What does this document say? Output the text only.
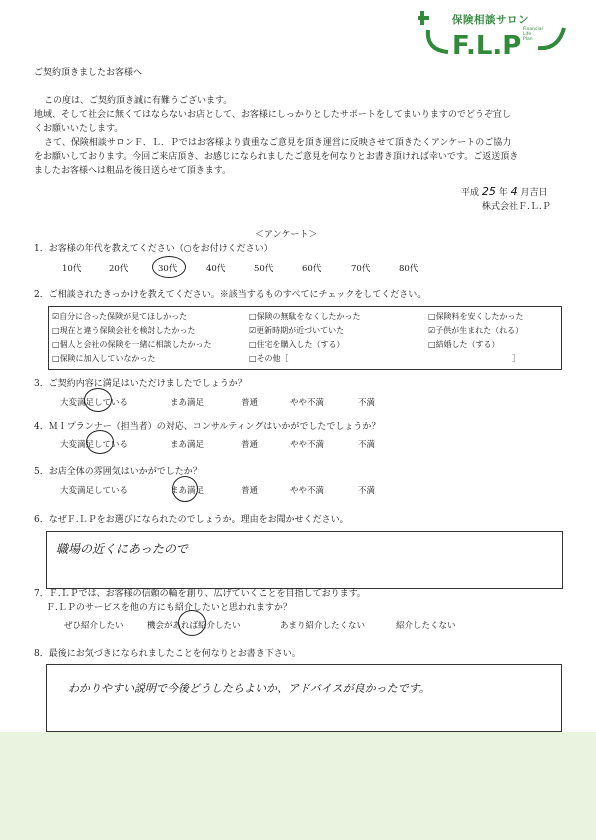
F.L.P
保険相談サロン
Financial
Life
Plan
ご契約頂きましたお客様へ
この度は、ご契約頂き誠に有難うございます。
地域、そして社会に無くてはならないお店として、お客様にしっかりとしたサポートをしてまいりますのでどうぞ宜し
くお願いいたします。
さて、保険相談サロンＦ．Ｌ．Ｐではお客様より貴重なご意見を頂き運営に反映させて頂きたくアンケートのご協力
をお願いしております。今回ご来店頂き、お感じになられましたご意見を何なりとお書き頂ければ幸いです。ご返送頂き
ましたお客様へは粗品を後日送らせて頂きます。
平成 25 年 4 月吉日
株式会社Ｆ.Ｌ.Ｐ
＜アンケート＞
1．お客様の年代を教えてください（○をお付けください）
10代	20代	30代	40代	50代	60代	70代	80代
2．ご相談されたきっかけを教えてください。※該当するものすべてにチェックをしてください。
☑自分に合った保険が見てほしかった	□保険の無駄をなくしたかった	□保険料を安くしたかった
□現在と違う保険会社を検討したかった	☑更新時期が近づいていた	☑子供が生まれた（れる）
□個人と会社の保険を一緒に相談したかった	□住宅を購入した（する）	□結婚した（する）
□保険に加入していなかった	□その他［	］
3．ご契約内容に満足はいただけましたでしょうか？
大変満足している	まあ満足	普通	やや不満	不満
4．ＭＩプランナー（担当者）の対応、コンサルティングはいかがでしたでしょうか？
大変満足している	まあ満足	普通	やや不満	不満
5．お店全体の雰囲気はいかがでしたか？
大変満足している	まあ満足	普通	やや不満	不満
6．なぜＦ.ＬＰをお選びになられたのでしょうか。理由をお聞かせください。
職場の近くにあったので
7．Ｆ.ＬＰでは、お客様の信頼の輪を創り、広げていくことを目指しております。
Ｆ.ＬＰのサービスを他の方にも紹介したいと思われますか？
ぜひ紹介したい	機会があれば紹介したい	あまり紹介したくない	紹介したくない
8．最後にお気づきになられましたことを何なりとお書き下さい。
わかりやすい説明で今後どうしたらよいか、アドバイスが良かったです。
